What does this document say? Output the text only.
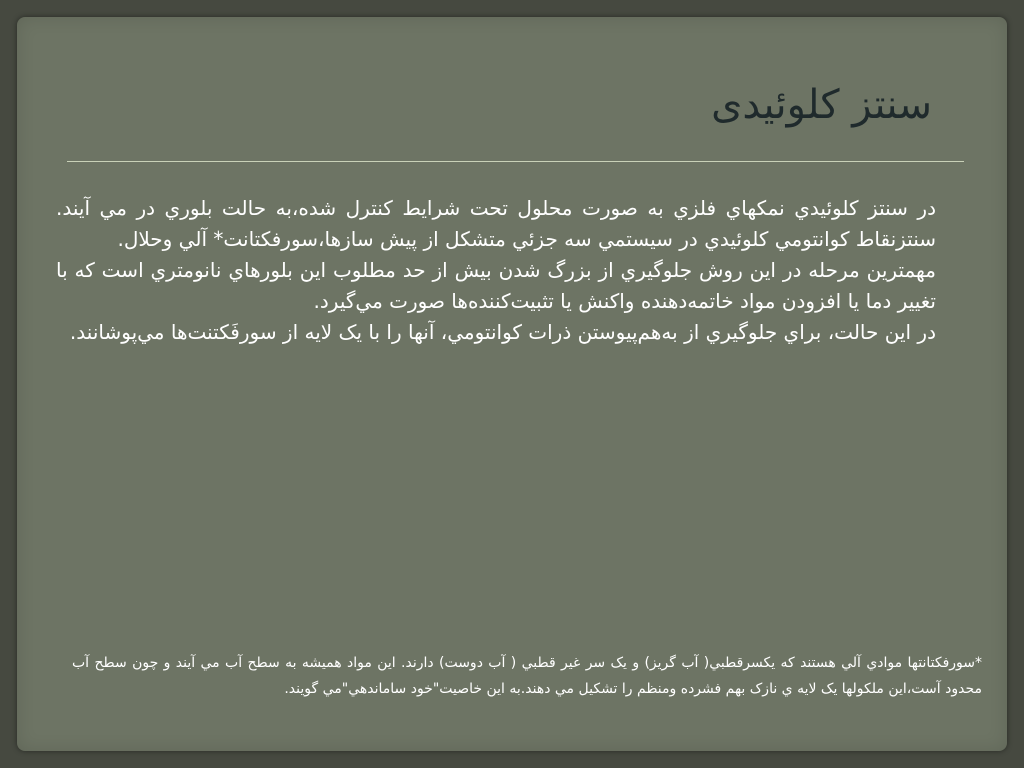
سنتز کلوئیدی

در سنتز کلوئيدي نمکهاي فلزي به صورت محلول تحت شرايط کنترل شده،به حالت بلوري در مي آيند. سنتزنقاط کوانتومي کلوئيدي در سيستمي سه جزئي متشکل از پيش سازها،سورفکتانت* آلي وحلال.

مهمترين مرحله در اين روش جلوگيري از بزرگ شدن بيش از حد مطلوب اين بلورهاي نانومتري است که با تغيير دما يا افزودن مواد خاتمه‌دهنده واکنش يا تثبيت‌کننده‌ها صورت مي‌گيرد.

در اين حالت، براي جلوگيري از به‌هم‌پيوستن ذرات کوانتومي، آنها را با يک لايه از سورفَکتنت‌ها مي‌پوشانند.

*سورفکتانتها موادي آلي هستند که يکسرقطبي( آب گريز) و يک سر غير قطبي ( آب دوست) دارند. اين مواد هميشه به سطح آب مي آيند و چون سطح آب محدود آست،اين ملکولها يک لايه ي نازک بهم فشرده ومنظم را تشکيل مي دهند.به اين خاصيت"خود ساماندهي"مي گويند.
